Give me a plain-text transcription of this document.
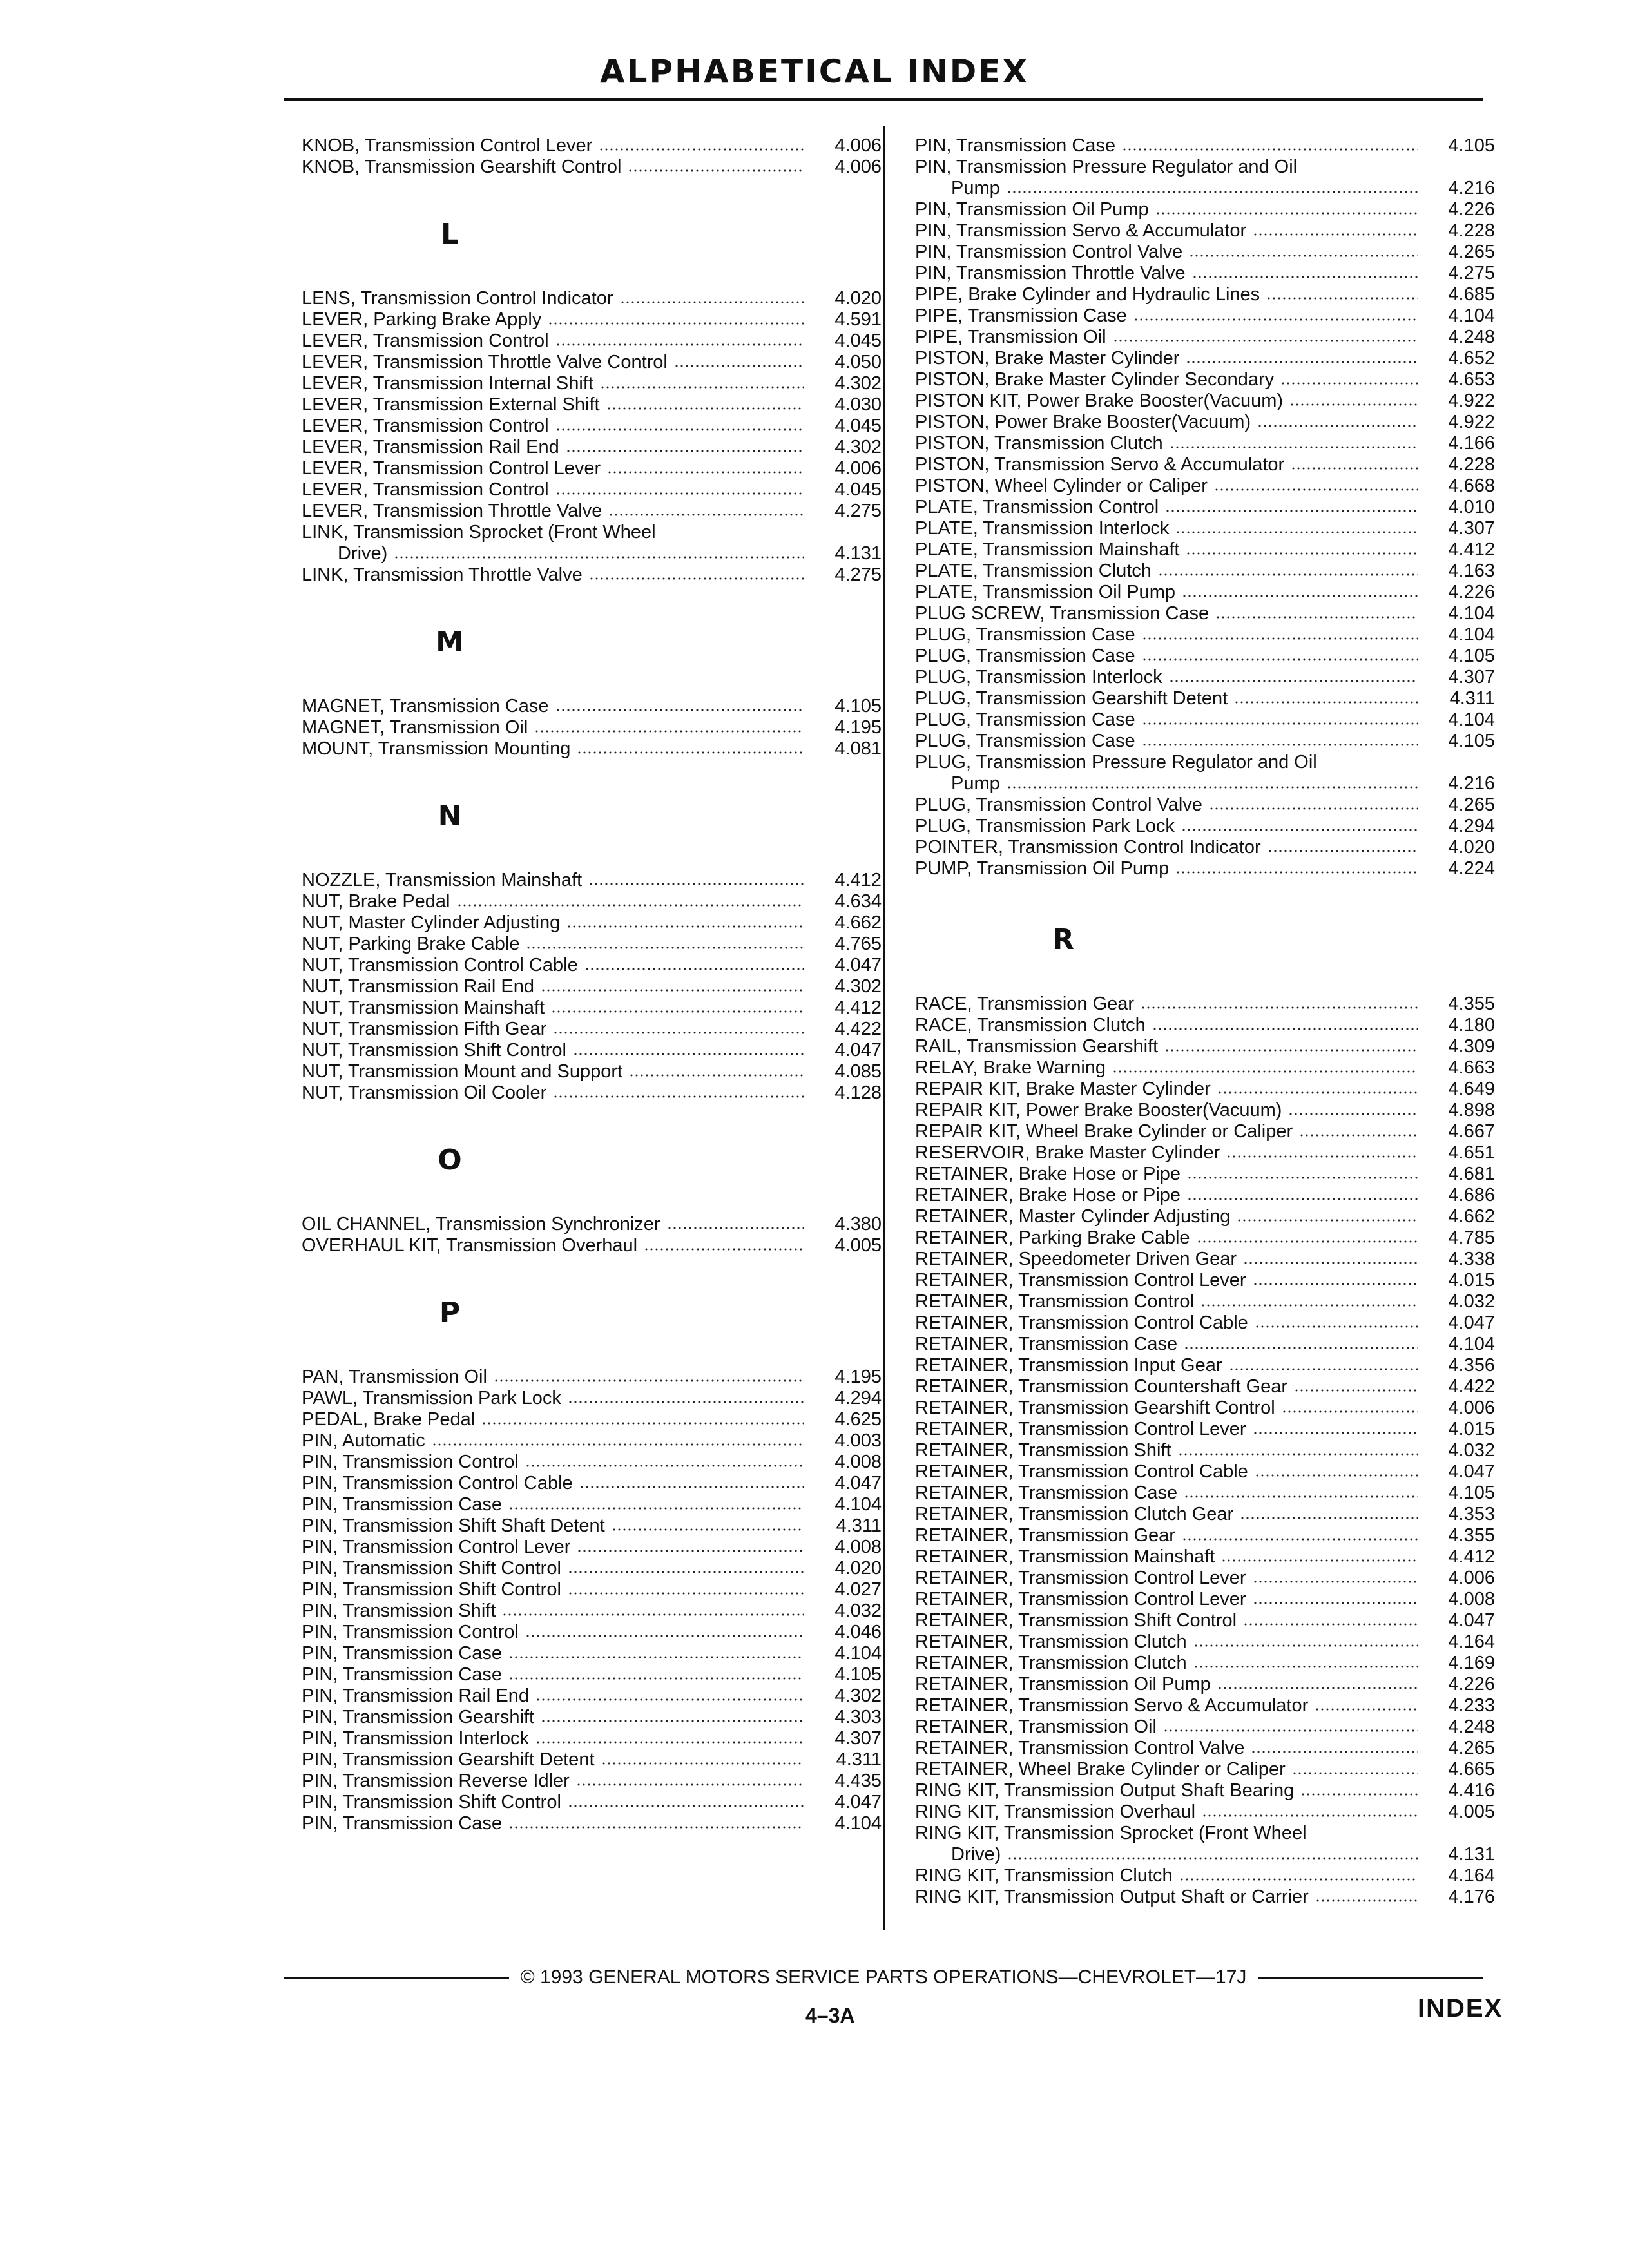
ALPHABETICAL INDEX
KNOB, Transmission Control Lever	4.006
KNOB, Transmission Gearshift Control	4.006
L
LENS, Transmission Control Indicator	4.020
LEVER, Parking Brake Apply	4.591
LEVER, Transmission Control	4.045
LEVER, Transmission Throttle Valve Control	4.050
LEVER, Transmission Internal Shift	4.302
LEVER, Transmission External Shift	4.030
LEVER, Transmission Control	4.045
LEVER, Transmission Rail End	4.302
LEVER, Transmission Control Lever	4.006
LEVER, Transmission Control	4.045
LEVER, Transmission Throttle Valve	4.275
LINK, Transmission Sprocket (Front Wheel
Drive)	4.131
LINK, Transmission Throttle Valve	4.275
M
MAGNET, Transmission Case	4.105
MAGNET, Transmission Oil	4.195
MOUNT, Transmission Mounting	4.081
N
NOZZLE, Transmission Mainshaft	4.412
NUT, Brake Pedal	4.634
NUT, Master Cylinder Adjusting	4.662
NUT, Parking Brake Cable	4.765
NUT, Transmission Control Cable	4.047
NUT, Transmission Rail End	4.302
NUT, Transmission Mainshaft	4.412
NUT, Transmission Fifth Gear	4.422
NUT, Transmission Shift Control	4.047
NUT, Transmission Mount and Support	4.085
NUT, Transmission Oil Cooler	4.128
O
OIL CHANNEL, Transmission Synchronizer	4.380
OVERHAUL KIT, Transmission Overhaul	4.005
P
PAN, Transmission Oil	4.195
PAWL, Transmission Park Lock	4.294
PEDAL, Brake Pedal	4.625
PIN, Automatic	4.003
PIN, Transmission Control	4.008
PIN, Transmission Control Cable	4.047
PIN, Transmission Case	4.104
PIN, Transmission Shift Shaft Detent	4.311
PIN, Transmission Control Lever	4.008
PIN, Transmission Shift Control	4.020
PIN, Transmission Shift Control	4.027
PIN, Transmission Shift	4.032
PIN, Transmission Control	4.046
PIN, Transmission Case	4.104
PIN, Transmission Case	4.105
PIN, Transmission Rail End	4.302
PIN, Transmission Gearshift	4.303
PIN, Transmission Interlock	4.307
PIN, Transmission Gearshift Detent	4.311
PIN, Transmission Reverse Idler	4.435
PIN, Transmission Shift Control	4.047
PIN, Transmission Case	4.104
PIN, Transmission Case	4.105
PIN, Transmission Pressure Regulator and Oil
Pump	4.216
PIN, Transmission Oil Pump	4.226
PIN, Transmission Servo & Accumulator	4.228
PIN, Transmission Control Valve	4.265
PIN, Transmission Throttle Valve	4.275
PIPE, Brake Cylinder and Hydraulic Lines	4.685
PIPE, Transmission Case	4.104
PIPE, Transmission Oil	4.248
PISTON, Brake Master Cylinder	4.652
PISTON, Brake Master Cylinder Secondary	4.653
PISTON KIT, Power Brake Booster(Vacuum)	4.922
PISTON, Power Brake Booster(Vacuum)	4.922
PISTON, Transmission Clutch	4.166
PISTON, Transmission Servo & Accumulator	4.228
PISTON, Wheel Cylinder or Caliper	4.668
PLATE, Transmission Control	4.010
PLATE, Transmission Interlock	4.307
PLATE, Transmission Mainshaft	4.412
PLATE, Transmission Clutch	4.163
PLATE, Transmission Oil Pump	4.226
PLUG SCREW, Transmission Case	4.104
PLUG, Transmission Case	4.104
PLUG, Transmission Case	4.105
PLUG, Transmission Interlock	4.307
PLUG, Transmission Gearshift Detent	4.311
PLUG, Transmission Case	4.104
PLUG, Transmission Case	4.105
PLUG, Transmission Pressure Regulator and Oil
Pump	4.216
PLUG, Transmission Control Valve	4.265
PLUG, Transmission Park Lock	4.294
POINTER, Transmission Control Indicator	4.020
PUMP, Transmission Oil Pump	4.224
R
RACE, Transmission Gear	4.355
RACE, Transmission Clutch	4.180
RAIL, Transmission Gearshift	4.309
RELAY, Brake Warning	4.663
REPAIR KIT, Brake Master Cylinder	4.649
REPAIR KIT, Power Brake Booster(Vacuum)	4.898
REPAIR KIT, Wheel Brake Cylinder or Caliper	4.667
RESERVOIR, Brake Master Cylinder	4.651
RETAINER, Brake Hose or Pipe	4.681
RETAINER, Brake Hose or Pipe	4.686
RETAINER, Master Cylinder Adjusting	4.662
RETAINER, Parking Brake Cable	4.785
RETAINER, Speedometer Driven Gear	4.338
RETAINER, Transmission Control Lever	4.015
RETAINER, Transmission Control	4.032
RETAINER, Transmission Control Cable	4.047
RETAINER, Transmission Case	4.104
RETAINER, Transmission Input Gear	4.356
RETAINER, Transmission Countershaft Gear	4.422
RETAINER, Transmission Gearshift Control	4.006
RETAINER, Transmission Control Lever	4.015
RETAINER, Transmission Shift	4.032
RETAINER, Transmission Control Cable	4.047
RETAINER, Transmission Case	4.105
RETAINER, Transmission Clutch Gear	4.353
RETAINER, Transmission Gear	4.355
RETAINER, Transmission Mainshaft	4.412
RETAINER, Transmission Control Lever	4.006
RETAINER, Transmission Control Lever	4.008
RETAINER, Transmission Shift Control	4.047
RETAINER, Transmission Clutch	4.164
RETAINER, Transmission Clutch	4.169
RETAINER, Transmission Oil Pump	4.226
RETAINER, Transmission Servo & Accumulator	4.233
RETAINER, Transmission Oil	4.248
RETAINER, Transmission Control Valve	4.265
RETAINER, Wheel Brake Cylinder or Caliper	4.665
RING KIT, Transmission Output Shaft Bearing	4.416
RING KIT, Transmission Overhaul	4.005
RING KIT, Transmission Sprocket (Front Wheel
Drive)	4.131
RING KIT, Transmission Clutch	4.164
RING KIT, Transmission Output Shaft or Carrier	4.176
© 1993 GENERAL MOTORS SERVICE PARTS OPERATIONS—CHEVROLET—17J
4–3A	INDEX
